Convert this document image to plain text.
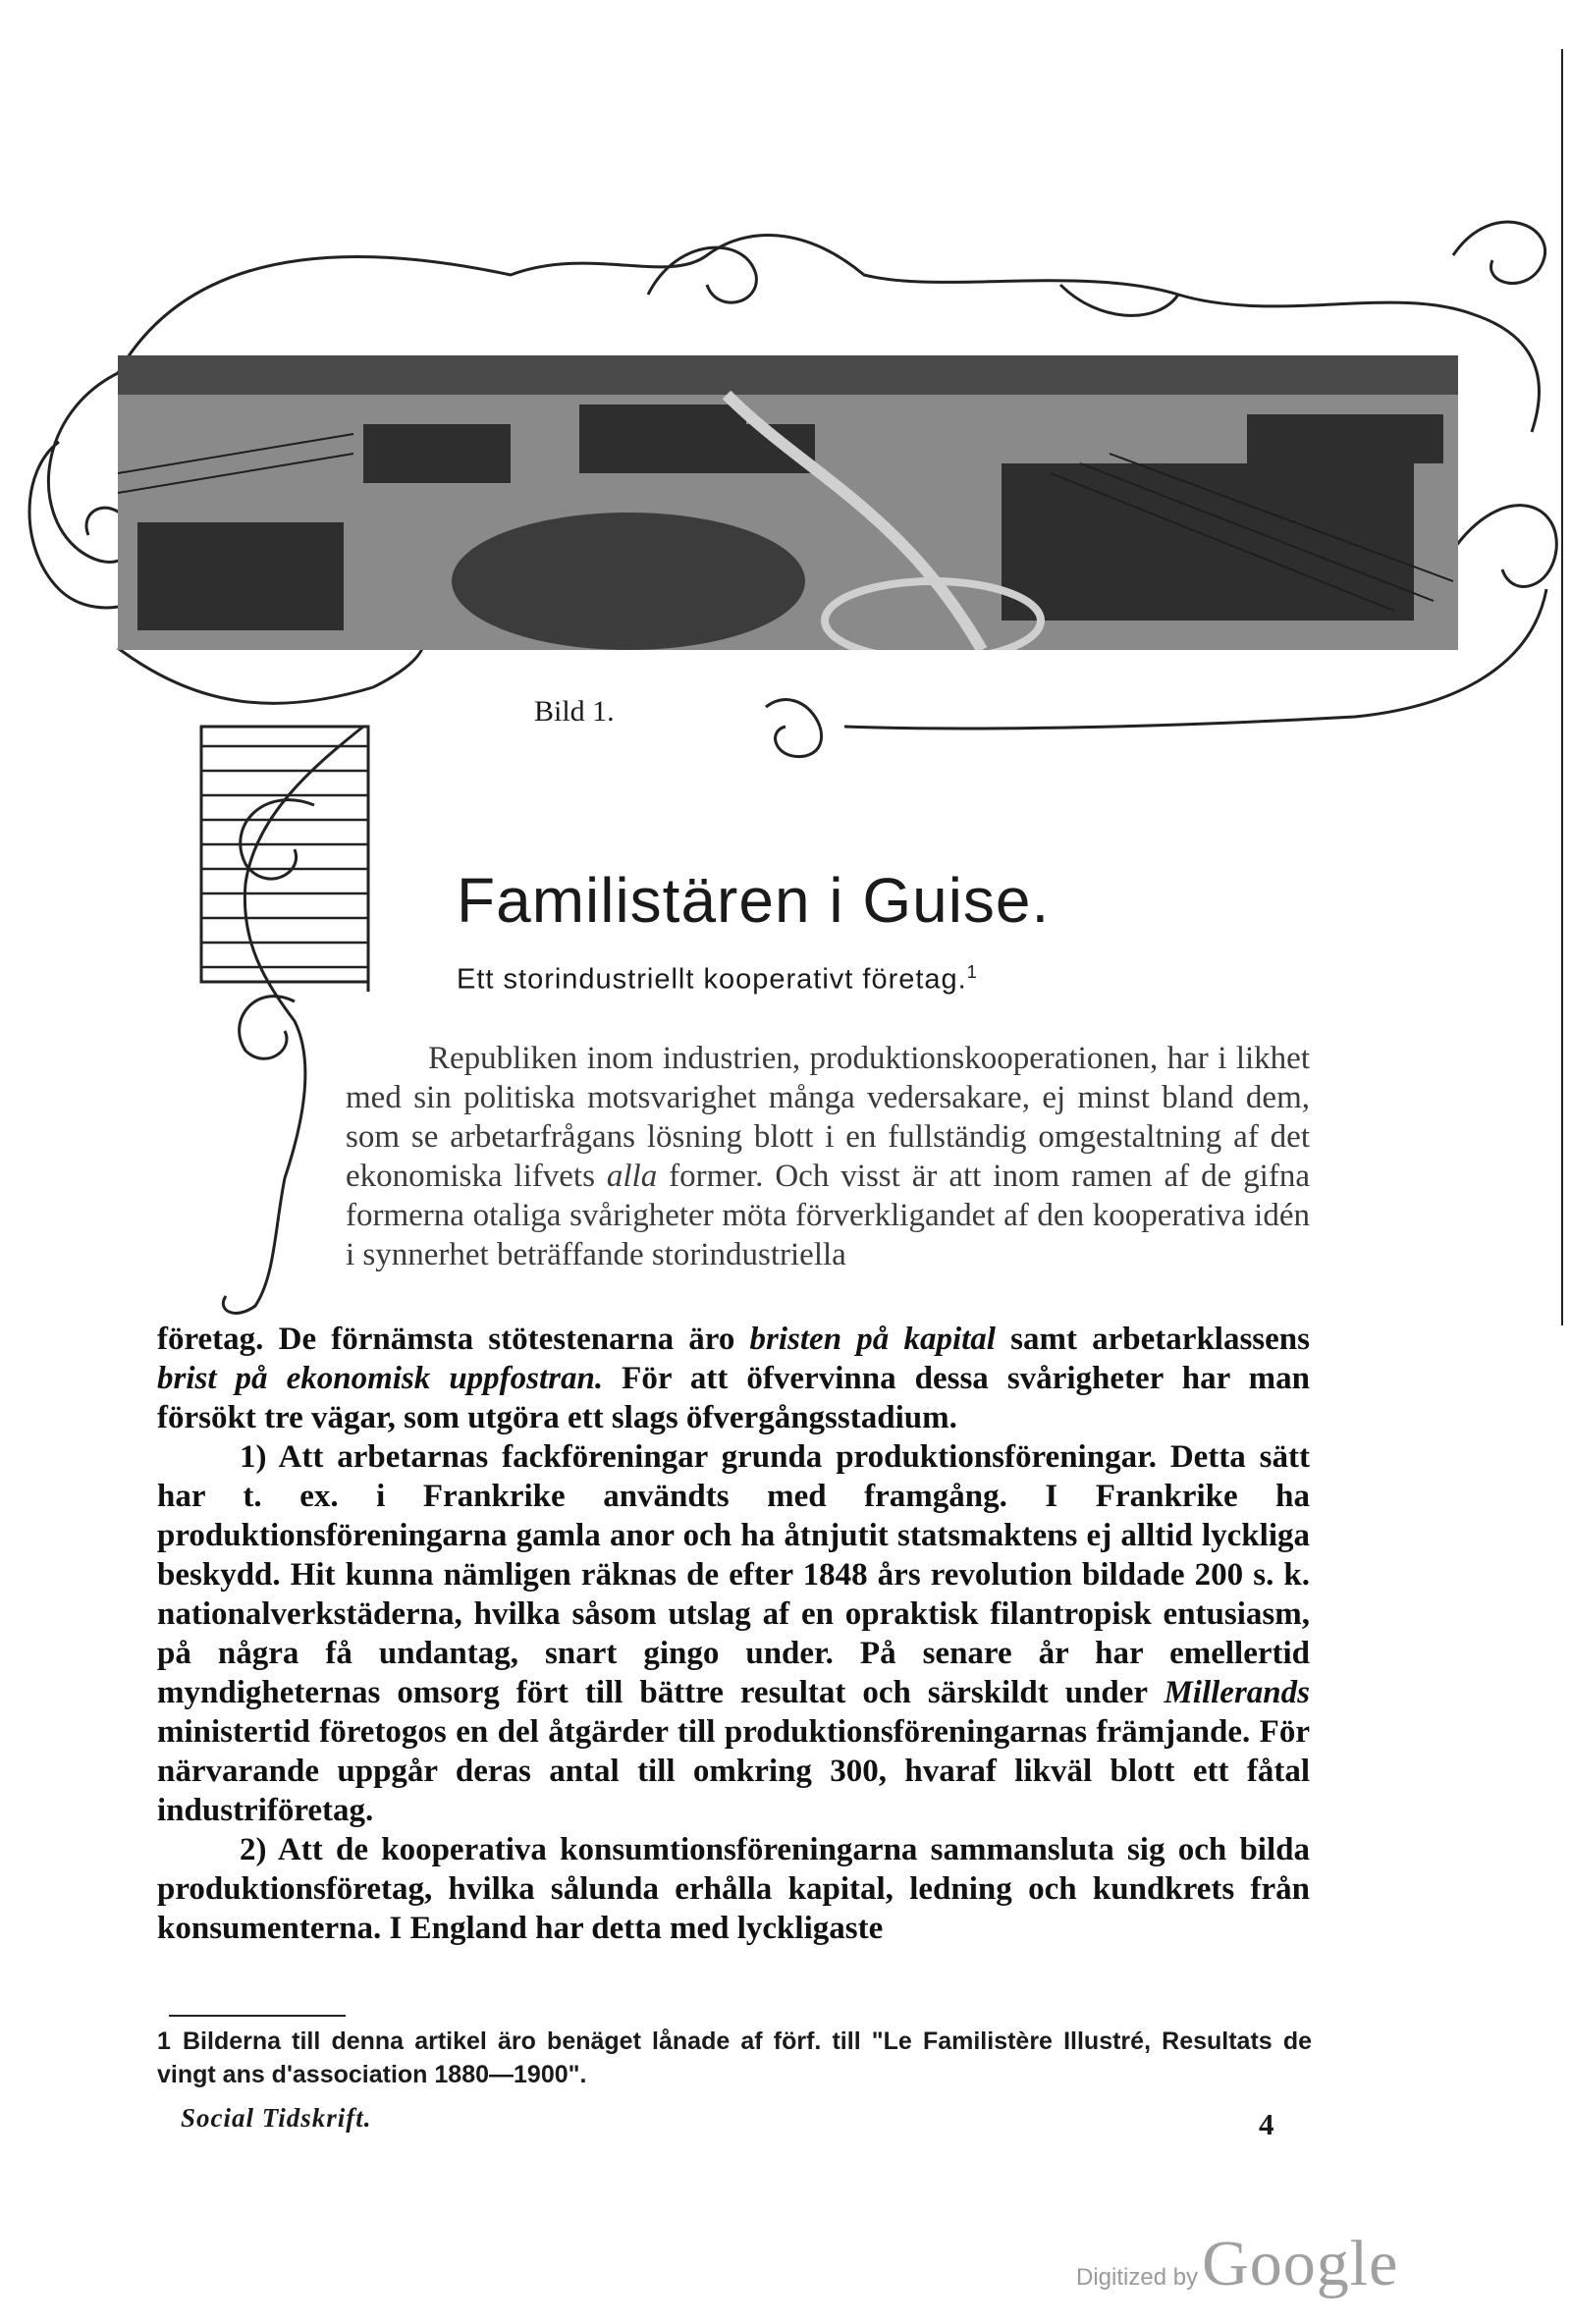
Bild 1.
Familistären i Guise.
Ett storindustriellt kooperativt företag.$^1$

Republiken inom industrien, produktionskooperationen, har i likhet med sin politiska motsvarighet många vedersakare, ej minst bland dem, som se arbetarfrågans lösning blott i en fullständig omgestaltning af det ekonomiska lifvets alla former. Och visst är att inom ramen af de gifna formerna otaliga svårigheter möta förverkligandet af den kooperativa idén i synnerhet beträffande storindustriella

företag. De förnämsta stötestenarna äro bristen på kapital samt arbetarklassens brist på ekonomisk uppfostran. För att öfvervinna dessa svårigheter har man försökt tre vägar, som utgöra ett slags öfvergångsstadium.

1) Att arbetarnas fackföreningar grunda produktionsföreningar. Detta sätt har t. ex. i Frankrike användts med framgång. I Frankrike ha produktionsföreningarna gamla anor och ha åtnjutit statsmaktens ej alltid lyckliga beskydd. Hit kunna nämligen räknas de efter 1848 års revolution bildade 200 s. k. nationalverkstäderna, hvilka såsom utslag af en opraktisk filantropisk entusiasm, på några få undantag, snart gingo under. På senare år har emellertid myndigheternas omsorg fört till bättre resultat och särskildt under Millerands ministertid företogos en del åtgärder till produktionsföreningarnas främjande. För närvarande uppgår deras antal till omkring 300, hvaraf likväl blott ett fåtal industriföretag.

2) Att de kooperativa konsumtionsföreningarna sammansluta sig och bilda produktionsföretag, hvilka sålunda erhålla kapital, ledning och kundkrets från konsumenterna. I England har detta med lyckligaste

1 Bilderna till denna artikel äro benäget lånade af förf. till "Le Familistère Illustré, Resultats de vingt ans d'association 1880—1900".
Social Tidskrift.	4
Digitized byGoogle
